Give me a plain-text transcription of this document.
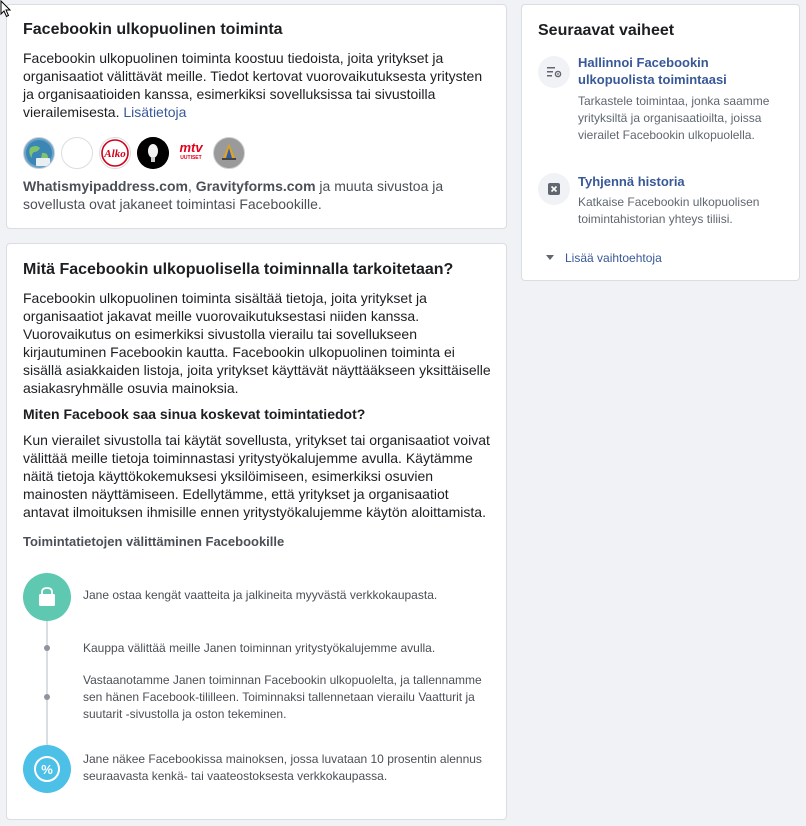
Facebookin ulkopuolinen toiminta
Facebookin ulkopuolinen toiminta koostuu tiedoista, joita yritykset ja organisaatiot välittävät meille. Tiedot kertovat vuorovaikutuksesta yritysten ja organisaatioiden kanssa, esimerkiksi sovelluksissa tai sivustoilla vierailemisesta. Lisätietoja
Alko	mtv
UUTISET
Whatismyipaddress.com, Gravityforms.com ja muuta sivustoa ja sovellusta ovat jakaneet toimintasi Facebookille.
Mitä Facebookin ulkopuolisella toiminnalla tarkoitetaan?
Facebookin ulkopuolinen toiminta sisältää tietoja, joita yritykset ja organisaatiot jakavat meille vuorovaikutuksestasi niiden kanssa. Vuorovaikutus on esimerkiksi sivustolla vierailu tai sovellukseen kirjautuminen Facebookin kautta. Facebookin ulkopuolinen toiminta ei sisällä asiakkaiden listoja, joita yritykset käyttävät näyttääkseen yksittäiselle asiakasryhmälle osuvia mainoksia.
Miten Facebook saa sinua koskevat toimintatiedot?
Kun vierailet sivustolla tai käytät sovellusta, yritykset tai organisaatiot voivat välittää meille tietoja toiminnastasi yritystyökalujemme avulla. Käytämme näitä tietoja käyttökokemuksesi yksilöimiseen, esimerkiksi osuvien mainosten näyttämiseen. Edellytämme, että yritykset ja organisaatiot antavat ilmoituksen ihmisille ennen yritystyökalujemme käytön aloittamista.
Toimintatietojen välittäminen Facebookille
Jane ostaa kengät vaatteita ja jalkineita myyvästä verkkokaupasta.
Kauppa välittää meille Janen toiminnan yritystyökalujemme avulla.
Vastaanotamme Janen toiminnan Facebookin ulkopuolelta, ja tallennamme sen hänen Facebook-tililleen. Toiminnaksi tallennetaan vierailu Vaatturit ja suutarit -sivustolla ja oston tekeminen.
%
Jane näkee Facebookissa mainoksen, jossa luvataan 10 prosentin alennus seuraavasta kenkä- tai vaateostoksesta verkkokaupassa.
Seuraavat vaiheet
Hallinnoi Facebookin ulkopuolista toimintaasi
Tarkastele toimintaa, jonka saamme yrityksiltä ja organisaatioilta, joissa vierailet Facebookin ulkopuolella.
Tyhjennä historia
Katkaise Facebookin ulkopuolisen toimintahistorian yhteys tiliisi.
Lisää vaihtoehtoja
